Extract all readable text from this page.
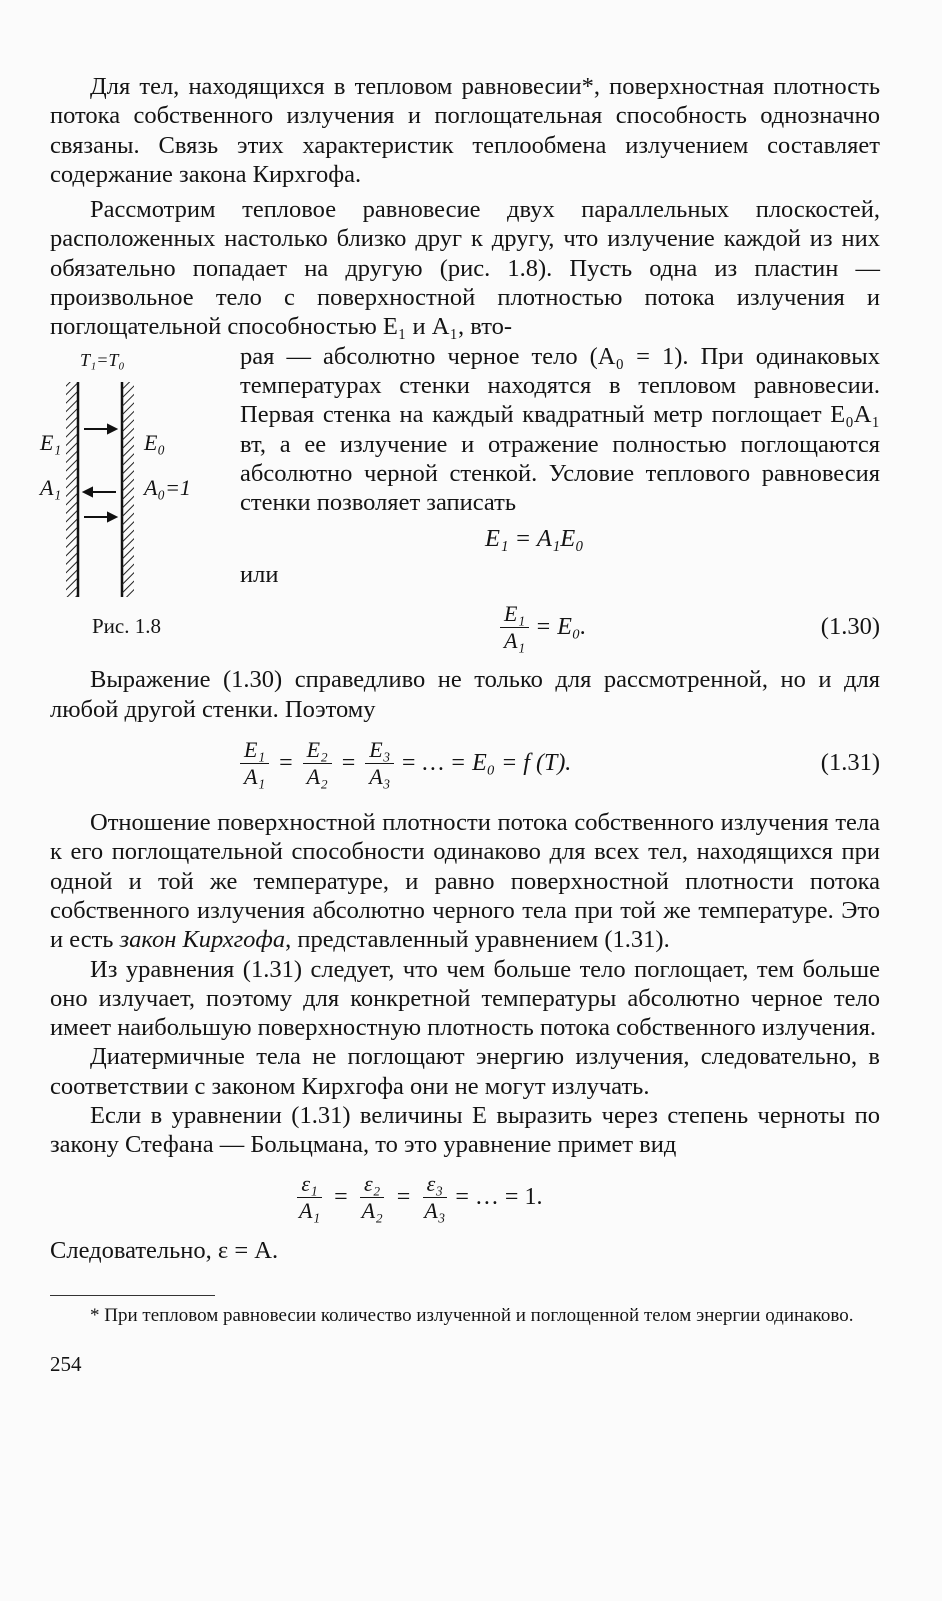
Для тел, находящихся в тепловом равновесии*, поверхностная плотность потока собственного излучения и поглощательная способность однозначно связаны. Связь этих характеристик теплообмена излучением составляет содержание закона Кирхгофа.

Рассмотрим тепловое равновесие двух параллельных плоскостей, расположенных настолько близко друг к другу, что излучение каждой из них обязательно попадает на другую (рис. 1.8). Пусть одна из пластин — произвольное тело с поверхностной плотностью потока излучения и поглощательной способностью E₁ и A₁, вто-

T₁=T₀
E₁
A₁
E₀
A₀=1
Рис. 1.8

рая — абсолютно черное тело (A₀ = 1). При одинаковых температурах стенки находятся в тепловом равновесии. Первая стенка на каждый квадратный метр поглощает E₀A₁ вт, а ее излучение и отражение полностью поглощаются абсолютно черной стенкой. Условие теплового равновесия стенки позволяет записать

E₁ = A₁E₀
или
$\frac{\text{E₁}}{\text{A₁}} = E_0$.	(1.30)

Выражение (1.30) справедливо не только для рассмотренной, но и для любой другой стенки. Поэтому

$\frac{\text{E₁}}{\text{A₁}} = \frac{\text{E₂}}{\text{A₂}} = \frac{\text{E₃}}{\text{A₃}}$ = … = E₀ = f (T).	(1.31)

Отношение поверхностной плотности потока собственного излучения тела к его поглощательной способности одинаково для всех тел, находящихся при одной и той же температуре, и равно поверхностной плотности потока собственного излучения абсолютно черного тела при той же температуре. Это и есть закон Кирхгофа, представленный уравнением (1.31).

Из уравнения (1.31) следует, что чем больше тело поглощает, тем больше оно излучает, поэтому для конкретной температуры абсолютно черное тело имеет наибольшую поверхностную плотность потока собственного излучения.

Диатермичные тела не поглощают энергию излучения, следовательно, в соответствии с законом Кирхгофа они не могут излучать.

Если в уравнении (1.31) величины E выразить через степень черноты по закону Стефана — Больцмана, то это уравнение примет вид

$\frac{\text{ε₁}}{\text{A₁}} = \frac{\text{ε₂}}{\text{A₂}} = \frac{\text{ε₃}}{\text{A₃}}$ = … = 1.

Следовательно, ε = A.

* При тепловом равновесии количество излученной и поглощенной телом энергии одинаково.

254
